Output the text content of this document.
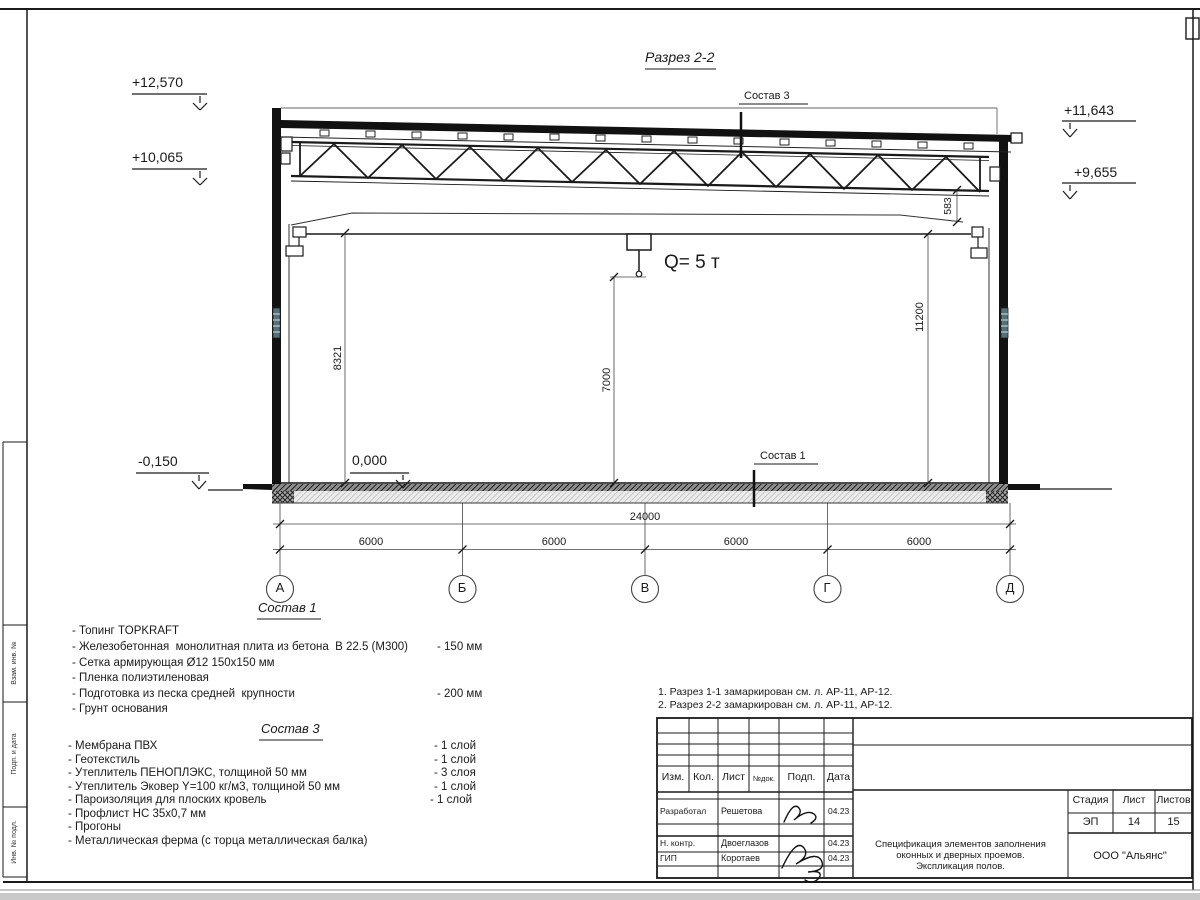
Разрез 2-2
+12,570
+10,065
-0,150	0,000
+11,643
+9,655
Q= 5 т
Состав 3
Состав 1
24000
6000	6000	6000	6000
8321
7000
11200
583
А	Б	В	Г	Д
Состав 1
- Топинг TOPKRAFT
- Железобетонная  монолитная плита из бетона  В 22.5 (М300)	- 150 мм
- Сетка армирующая Ø12 150х150 мм
- Пленка полиэтиленовая
- Подготовка из песка средней  крупности	- 200 мм
- Грунт основания
Состав 3
- Мембрана ПВХ	- 1 слой
- Геотекстиль	- 1 слой
- Утеплитель ПЕНОПЛЭКС, толщиной 50 мм	- 3 слоя
- Утеплитель Эковер Y=100 кг/м3, толщиной 50 мм	- 1 слой
- Пароизоляция для плоских кровель	- 1 слой
- Профлист НС 35х0,7 мм
- Прогоны
- Металлическая ферма (с торца металлическая балка)
1. Разрез 1-1 замаркирован см. л. АР-11, АР-12.
2. Разрез 2-2 замаркирован см. л. АР-11, АР-12.
Изм. Кол. Лист	№док.	Подп.	Дата
Разработал Решетова	04.23
Н. контр.	Двоеглазов	04.23
ГИП	Коротаев	04.23
Стадия	Лист	Листов
ЭП	14	15
Спецификация элементов заполнения
оконных и дверных проемов.
Экспликация полов.
ООО "Альянс"
Взам. инв. №
Подп. и дата
Инв. № подл.
